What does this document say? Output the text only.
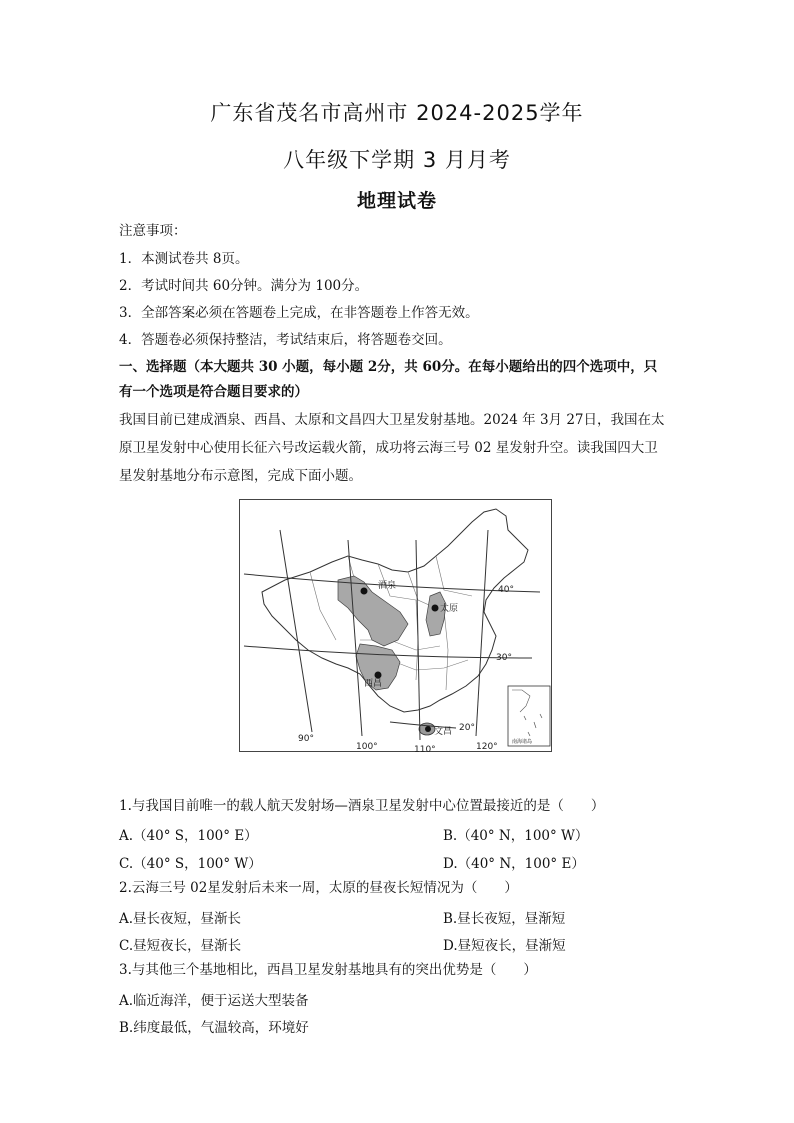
广东省茂名市高州市 2024-2025学年
八年级下学期 3 月月考
地理试卷
注意事项：
1．本测试卷共 8页。
2．考试时间共 60分钟。满分为 100分。
3．全部答案必须在答题卷上完成，在非答题卷上作答无效。
4．答题卷必须保持整洁，考试结束后，将答题卷交回。
一、选择题（本大题共 30 小题，每小题 2分，共 60分。在每小题给出的四个选项中，只
有一个选项是符合题目要求的）
我国目前已建成酒泉、西昌、太原和文昌四大卫星发射基地。2024 年 3月 27日，我国在太
原卫星发射中心使用长征六号改运载火箭，成功将云海三号 02 星发射升空。读我国四大卫
星发射基地分布示意图，完成下面小题。
酒泉
太原
西昌
文昌
40°
30°
20°
90°
100°	110°	120°	南海诸岛
1.与我国目前唯一的载人航天发射场—酒泉卫星发射中心位置最接近的是（　　）
A.（40° S，100° E）	B.（40° N，100° W）
C.（40° S，100° W）	D.（40° N，100° E）
2.云海三号 02星发射后未来一周，太原的昼夜长短情况为（　　）
A.昼长夜短，昼渐长	B.昼长夜短，昼渐短
C.昼短夜长，昼渐长	D.昼短夜长，昼渐短
3.与其他三个基地相比，西昌卫星发射基地具有的突出优势是（　　）
A.临近海洋，便于运送大型装备
B.纬度最低，气温较高，环境好
